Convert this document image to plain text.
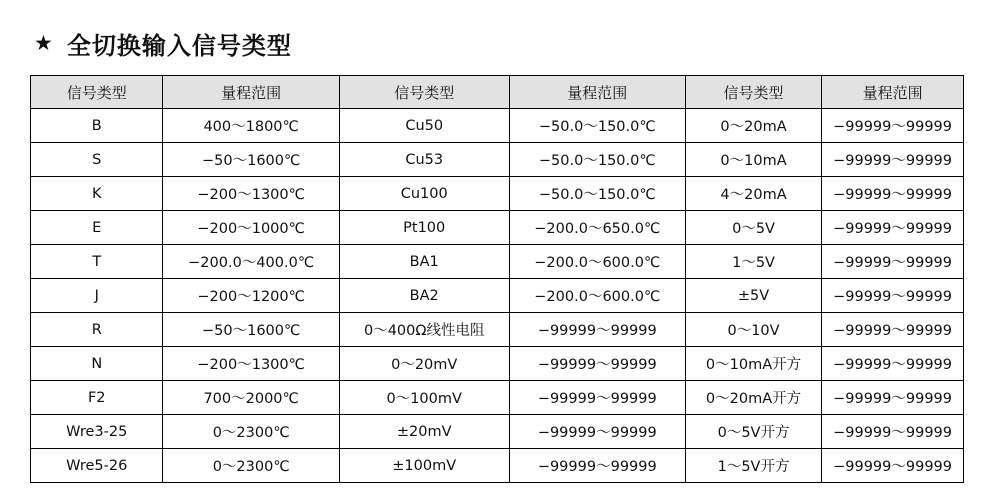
★ 全切换输入信号类型
信号类型	量程范围	信号类型	量程范围	信号类型	量程范围
B	400～1800℃	Cu50	−50.0～150.0℃	0～20mA	−99999～99999
S	−50～1600℃	Cu53	−50.0～150.0℃	0～10mA	−99999～99999
K	−200～1300℃	Cu100	−50.0～150.0℃	4～20mA	−99999～99999
E	−200～1000℃	Pt100	−200.0～650.0℃	0～5V	−99999～99999
T	−200.0～400.0℃	BA1	−200.0～600.0℃	1～5V	−99999～99999
J	−200～1200℃	BA2	−200.0～600.0℃	±5V	−99999～99999
R	−50～1600℃	0～400Ω线性电阻	−99999～99999	0～10V	−99999～99999
N	−200～1300℃	0～20mV	−99999～99999	0～10mA开方	−99999～99999
F2	700～2000℃	0～100mV	−99999～99999	0～20mA开方	−99999～99999
Wre3-25	0～2300℃	±20mV	−99999～99999	0～5V开方	−99999～99999
Wre5-26	0～2300℃	±100mV	−99999～99999	1～5V开方	−99999～99999
